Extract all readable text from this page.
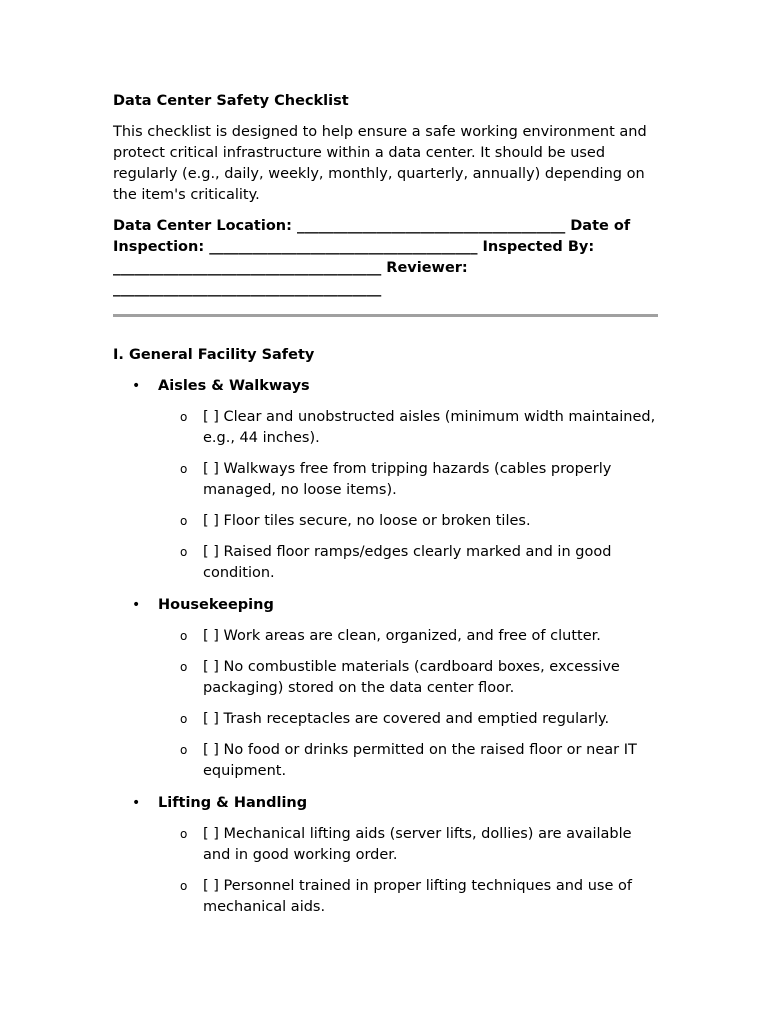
Data Center Safety Checklist
This checklist is designed to help ensure a safe working environment and protect critical infrastructure within a data center. It should be used regularly (e.g., daily, weekly, monthly, quarterly, annually) depending on the item's criticality.
Data Center Location: _____________________________________ Date of Inspection: _____________________________________ Inspected By: _____________________________________ Reviewer: _____________________________________
I. General Facility Safety
• Aisles & Walkways
o [ ] Clear and unobstructed aisles (minimum width maintained, e.g., 44 inches).
o [ ] Walkways free from tripping hazards (cables properly managed, no loose items).
o [ ] Floor tiles secure, no loose or broken tiles.
o [ ] Raised floor ramps/edges clearly marked and in good condition.
• Housekeeping
o [ ] Work areas are clean, organized, and free of clutter.
o [ ] No combustible materials (cardboard boxes, excessive packaging) stored on the data center floor.
o [ ] Trash receptacles are covered and emptied regularly.
o [ ] No food or drinks permitted on the raised floor or near IT equipment.
• Lifting & Handling
o [ ] Mechanical lifting aids (server lifts, dollies) are available and in good working order.
o [ ] Personnel trained in proper lifting techniques and use of mechanical aids.
